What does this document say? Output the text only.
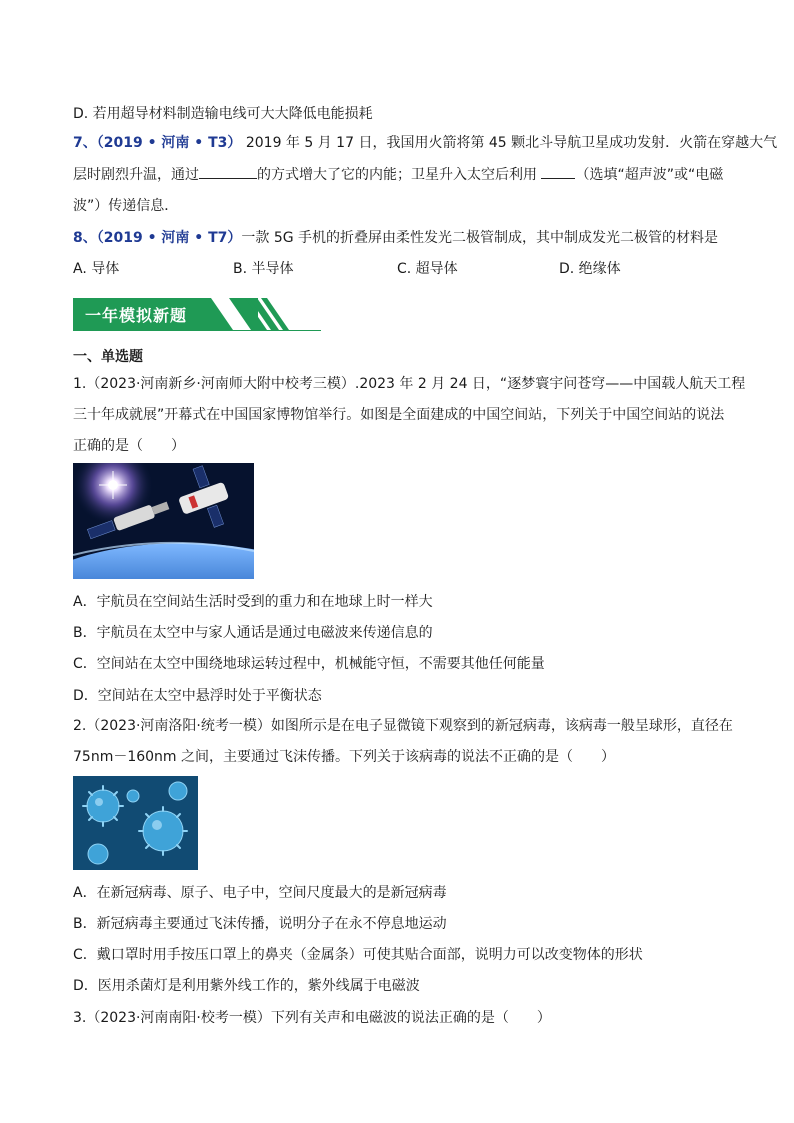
D. 若用超导材料制造输电线可大大降低电能损耗
7、（2019 • 河南 • T3） 2019 年 5 月 17 日，我国用火箭将第 45 颗北斗导航卫星成功发射．火箭在穿越大气
层时剧烈升温，通过	的方式增大了它的内能；卫星升入太空后利用	（选填“超声波”或“电磁
波”）传递信息．
8、（2019 • 河南 • T7）一款 5G 手机的折叠屏由柔性发光二极管制成，其中制成发光二极管的材料是
A. 导体	B. 半导体	C. 超导体	D. 绝缘体
一年模拟新题
一、单选题
1.（2023·河南新乡·河南师大附中校考三模）.2023 年 2 月 24 日，“逐梦寰宇问苍穹——中国载人航天工程
三十年成就展”开幕式在中国国家博物馆举行。如图是全面建成的中国空间站，下列关于中国空间站的说法
正确的是（　　）
A．宇航员在空间站生活时受到的重力和在地球上时一样大
B．宇航员在太空中与家人通话是通过电磁波来传递信息的
C．空间站在太空中围绕地球运转过程中，机械能守恒，不需要其他任何能量
D．空间站在太空中悬浮时处于平衡状态
2.（2023·河南洛阳·统考一模）如图所示是在电子显微镜下观察到的新冠病毒，该病毒一般呈球形，直径在
75nm－160nm 之间，主要通过飞沫传播。下列关于该病毒的说法不正确的是（　　）
A．在新冠病毒、原子、电子中，空间尺度最大的是新冠病毒
B．新冠病毒主要通过飞沫传播，说明分子在永不停息地运动
C．戴口罩时用手按压口罩上的鼻夹（金属条）可使其贴合面部，说明力可以改变物体的形状
D．医用杀菌灯是利用紫外线工作的，紫外线属于电磁波
3.（2023·河南南阳·校考一模）下列有关声和电磁波的说法正确的是（　　）
